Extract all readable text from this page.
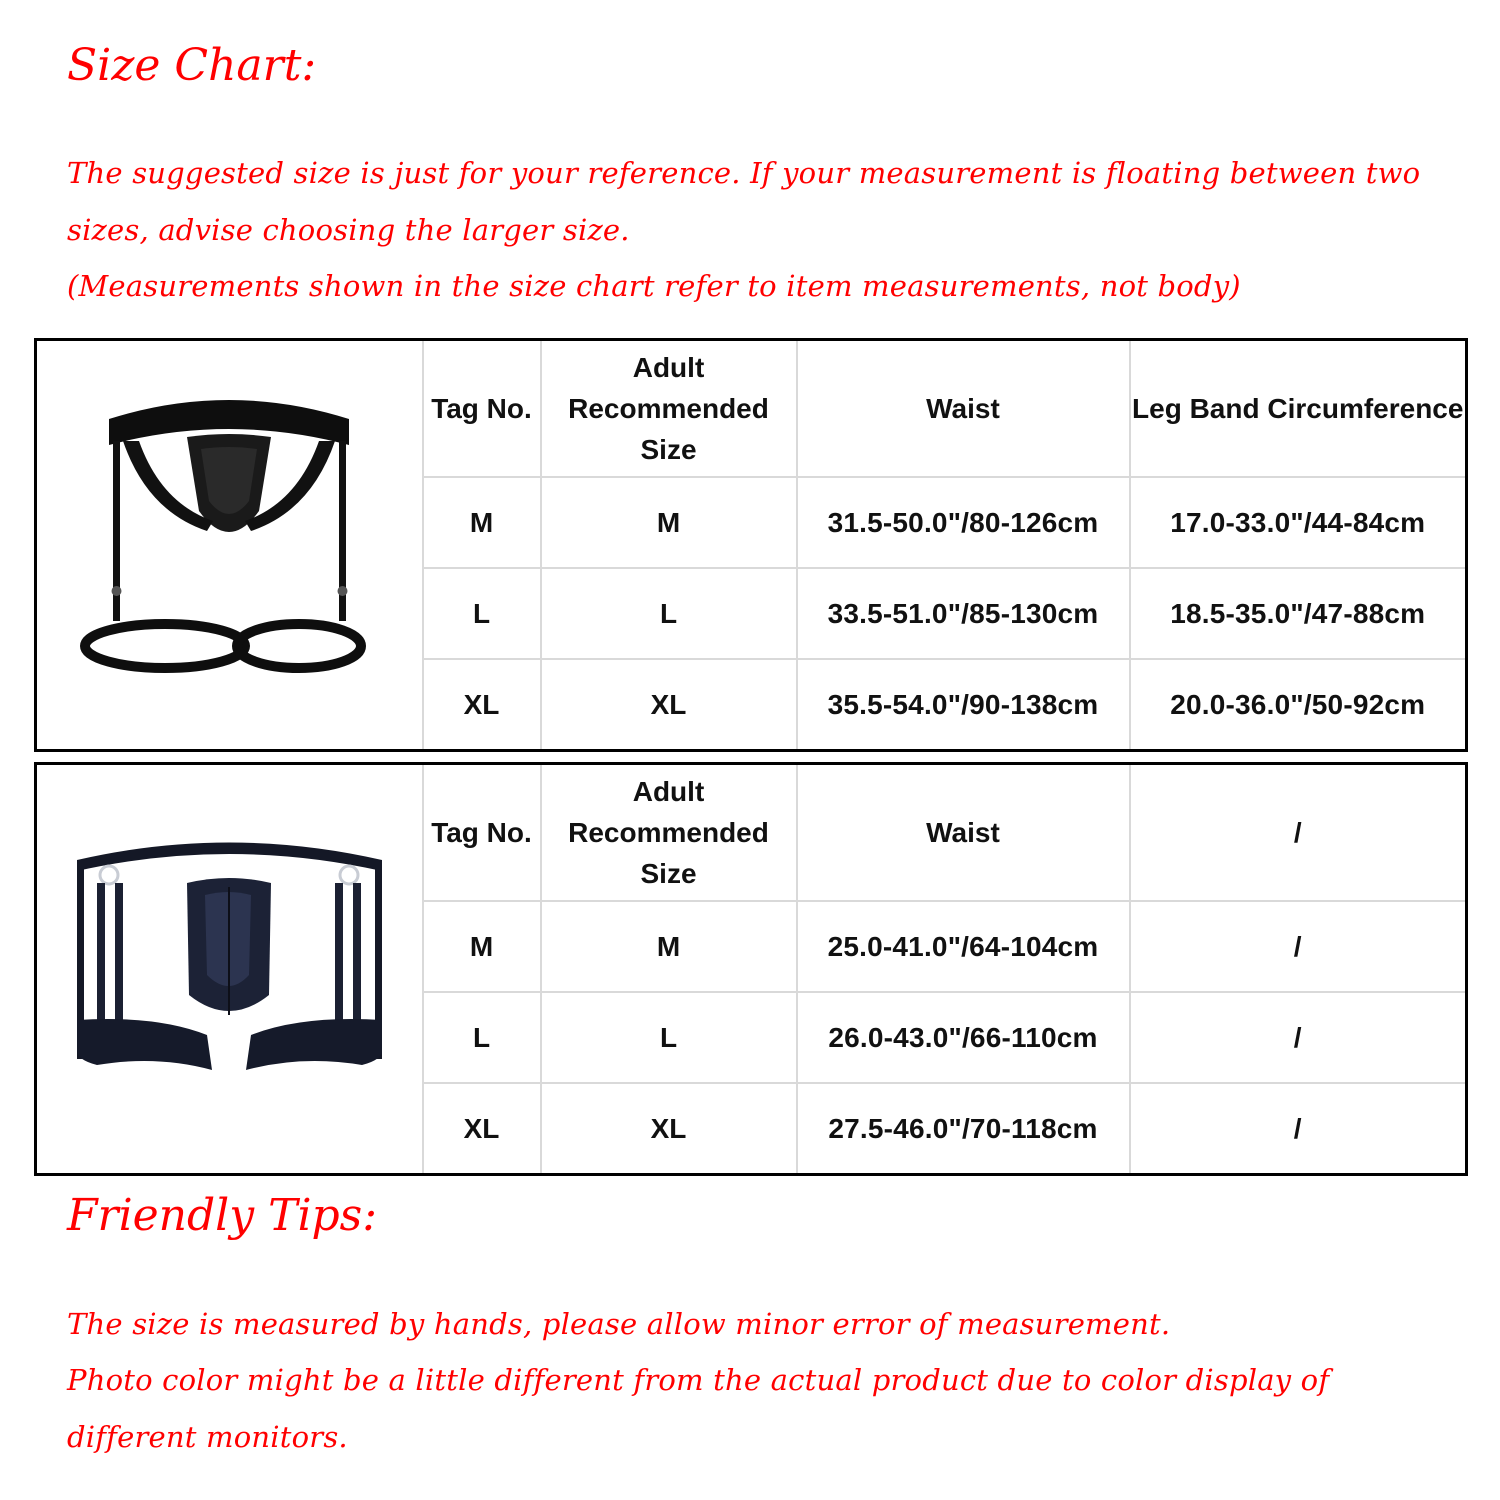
Size Chart:

The suggested size is just for your reference. If your measurement is floating between two

sizes, advise choosing the larger size.

(Measurements shown in the size chart refer to item measurements, not body)

	Tag No.	Adult Recommended Size	Waist	Leg Band Circumference
	M	M	31.5-50.0"/80-126cm	17.0-33.0"/44-84cm
	L	L	33.5-51.0"/85-130cm	18.5-35.0"/47-88cm
	XL	XL	35.5-54.0"/90-138cm	20.0-36.0"/50-92cm
	Tag No.	Adult Recommended Size	Waist	/
	M	M	25.0-41.0"/64-104cm	/
	L	L	26.0-43.0"/66-110cm	/
	XL	XL	27.5-46.0"/70-118cm	/
Friendly Tips:

The size is measured by hands, please allow minor error of measurement.

Photo color might be a little different from the actual product due to color display of

different monitors.
